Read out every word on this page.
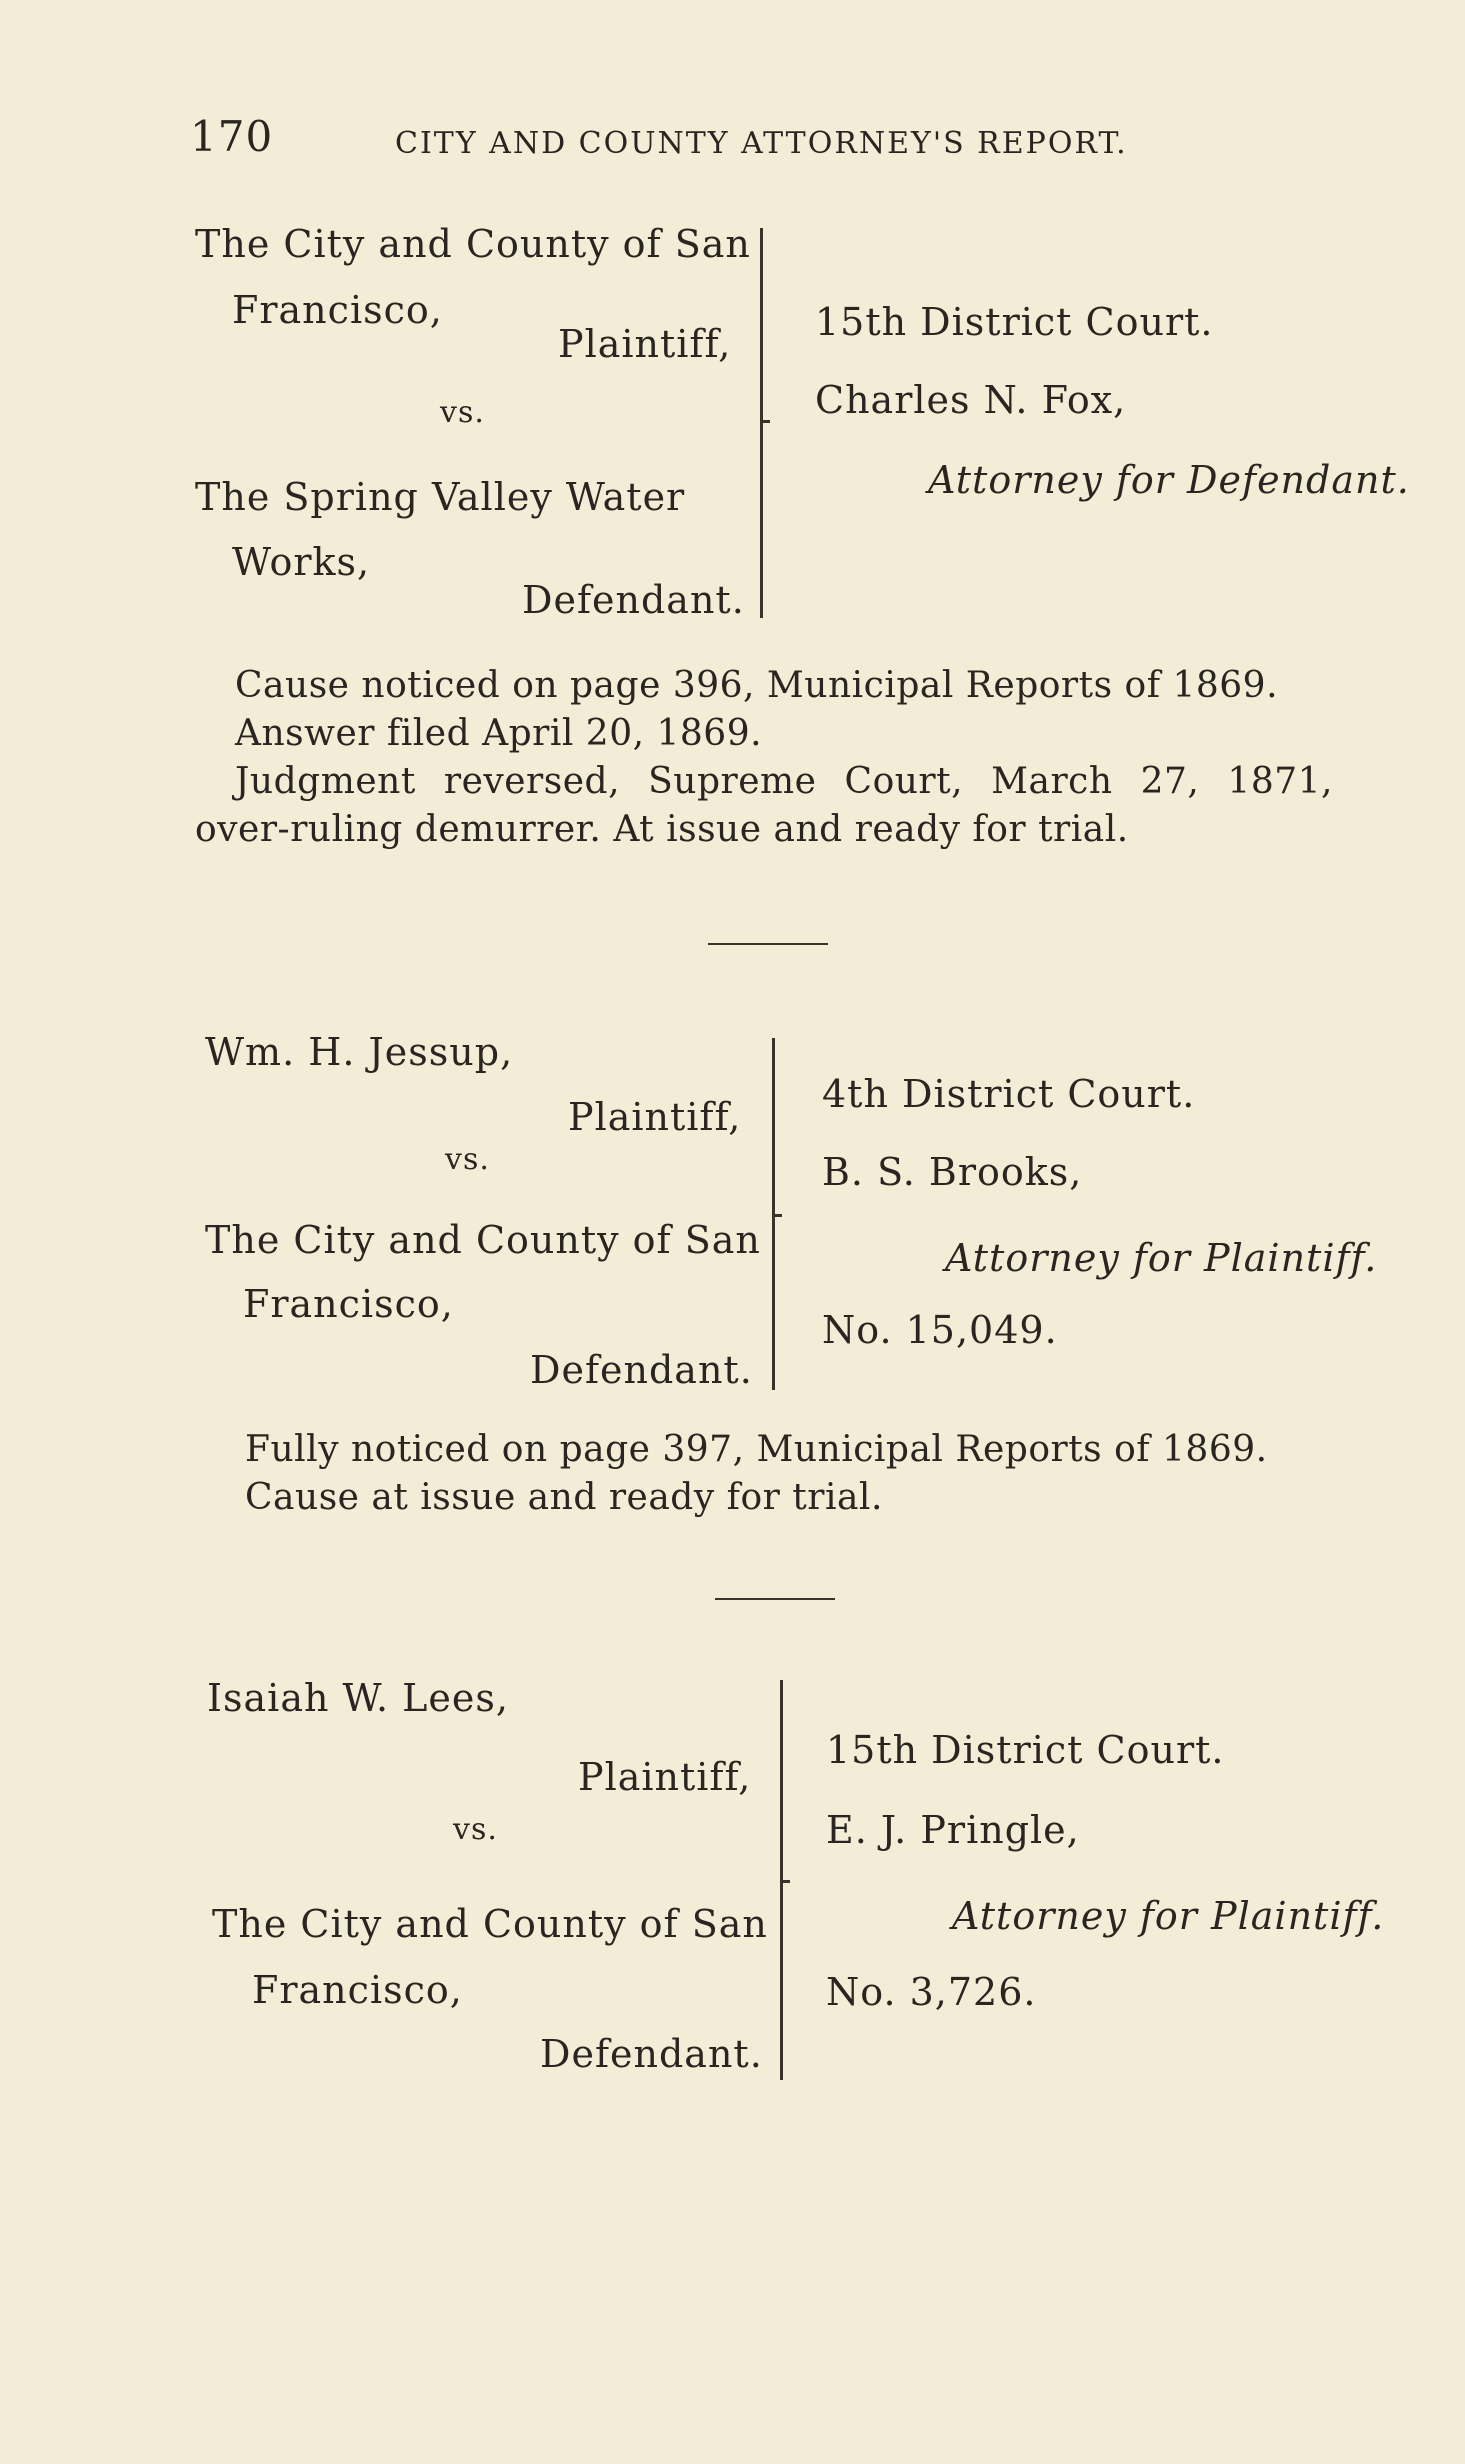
170	CITY AND COUNTY ATTORNEY'S REPORT.
The City and County of San
Francisco,
Plaintiff,
vs.
The Spring Valley Water
Works,
Defendant.
15th District Court.
Charles N. Fox,
Attorney for Defendant.
Cause noticed on page 396, Municipal Reports of 1869.
Answer filed April 20, 1869.
Judgment reversed, Supreme Court, March 27, 1871, over-ruling demurrer. At issue and ready for trial.
Wm. H. Jessup,
Plaintiff,
vs.
The City and County of San
Francisco,
Defendant.
4th District Court.
B. S. Brooks,
Attorney for Plaintiff.
No. 15,049.
Fully noticed on page 397, Municipal Reports of 1869.
Cause at issue and ready for trial.
Isaiah W. Lees,
Plaintiff,
vs.
The City and County of San
Francisco,
Defendant.
15th District Court.
E. J. Pringle,
Attorney for Plaintiff.
No. 3,726.
